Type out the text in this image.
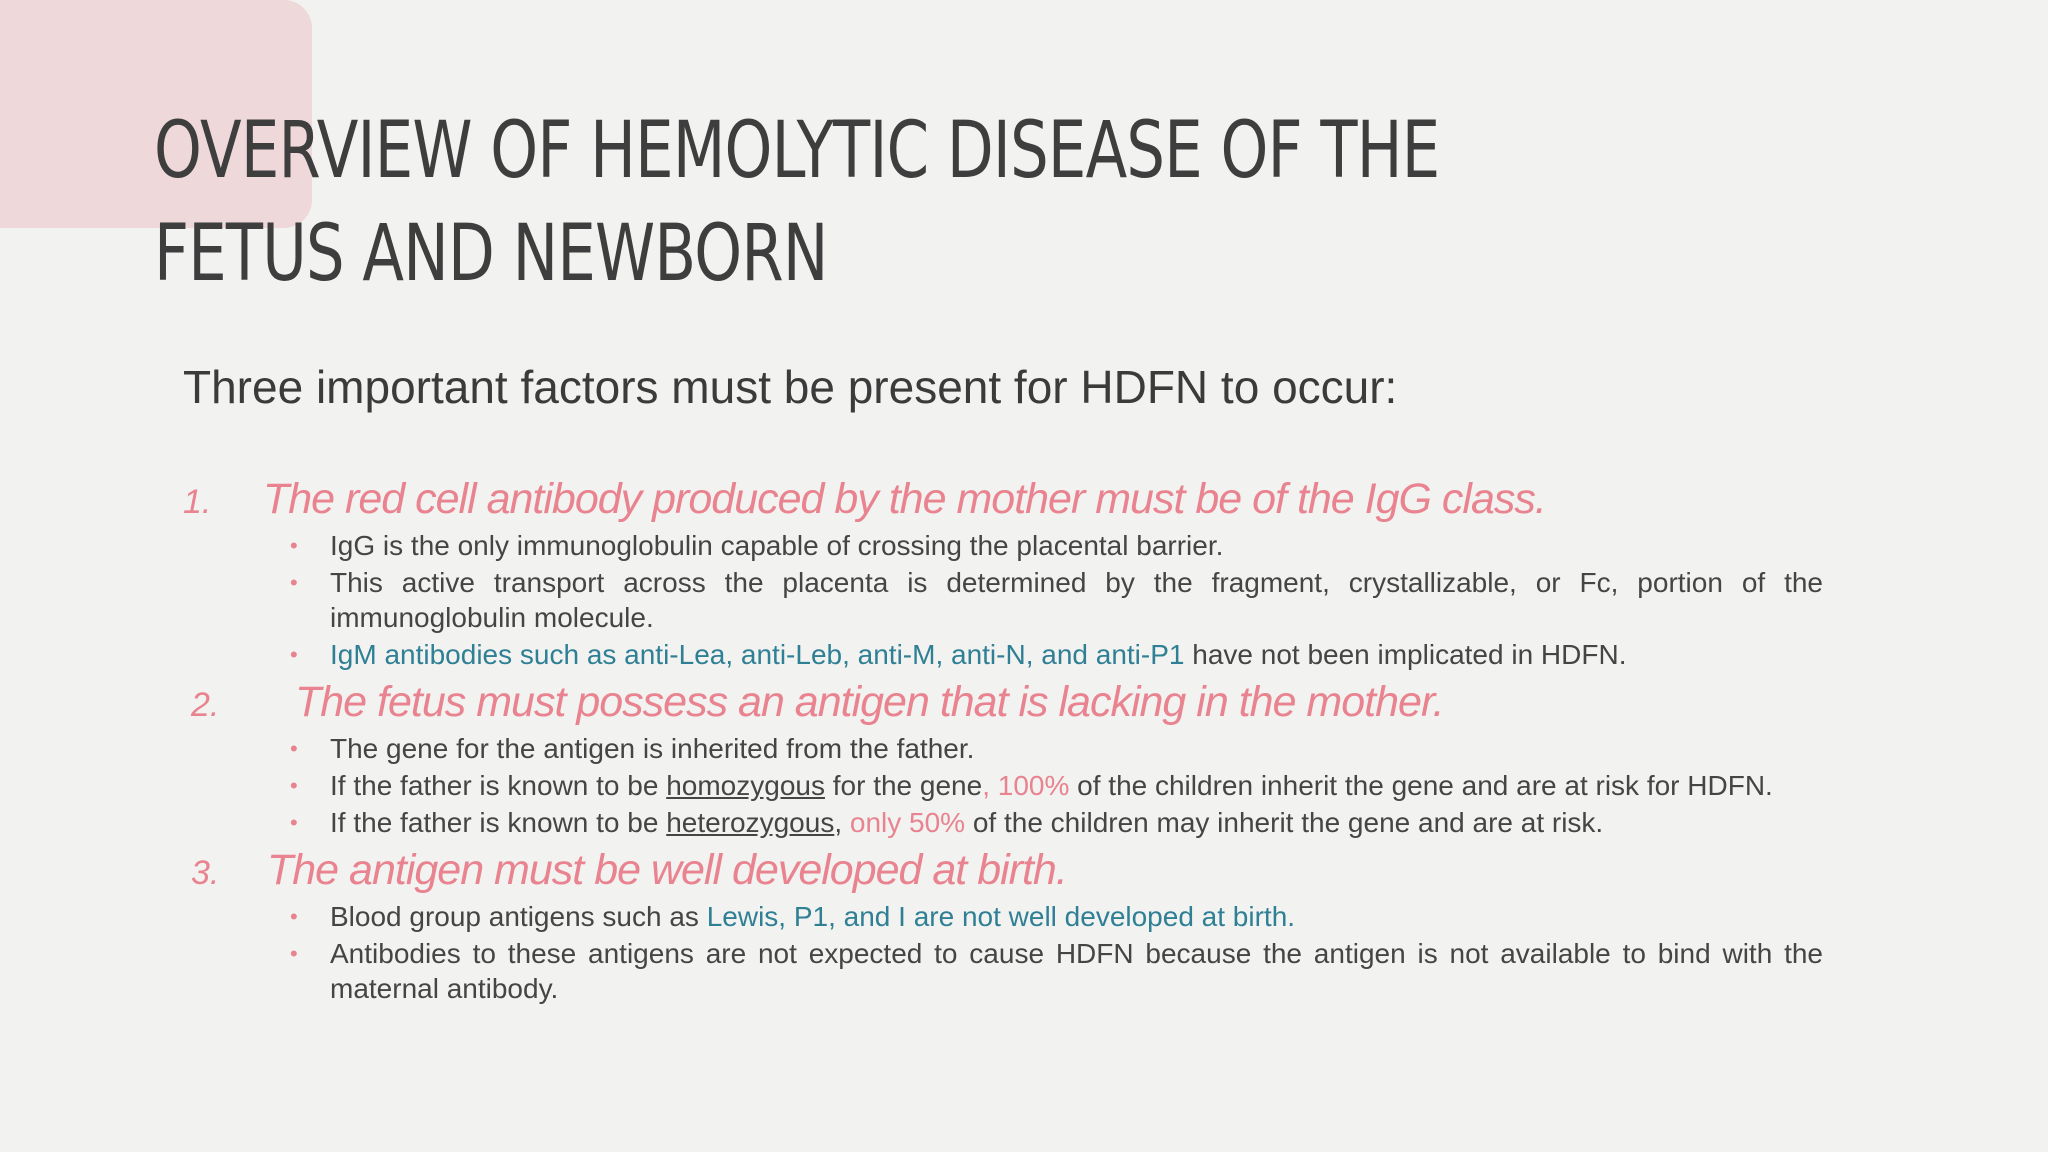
OVERVIEW OF HEMOLYTIC DISEASE OF THE FETUS AND NEWBORN
Three important factors must be present for HDFN to occur:
1.	The red cell antibody produced by the mother must be of the IgG class.
• IgG is the only immunoglobulin capable of crossing the placental barrier.
• This active transport across the placenta is determined by the fragment, crystallizable, or Fc, portion of the immunoglobulin molecule.
• IgM antibodies such as anti-Lea, anti-Leb, anti-M, anti-N, and anti-P1 have not been implicated in HDFN.
2.	The fetus must possess an antigen that is lacking in the mother.
• The gene for the antigen is inherited from the father.
• If the father is known to be homozygous for the gene, 100% of the children inherit the gene and are at risk for HDFN.
• If the father is known to be heterozygous, only 50% of the children may inherit the gene and are at risk.
3.	The antigen must be well developed at birth.
• Blood group antigens such as Lewis, P1, and I are not well developed at birth.
• Antibodies to these antigens are not expected to cause HDFN because the antigen is not available to bind with the maternal antibody.
